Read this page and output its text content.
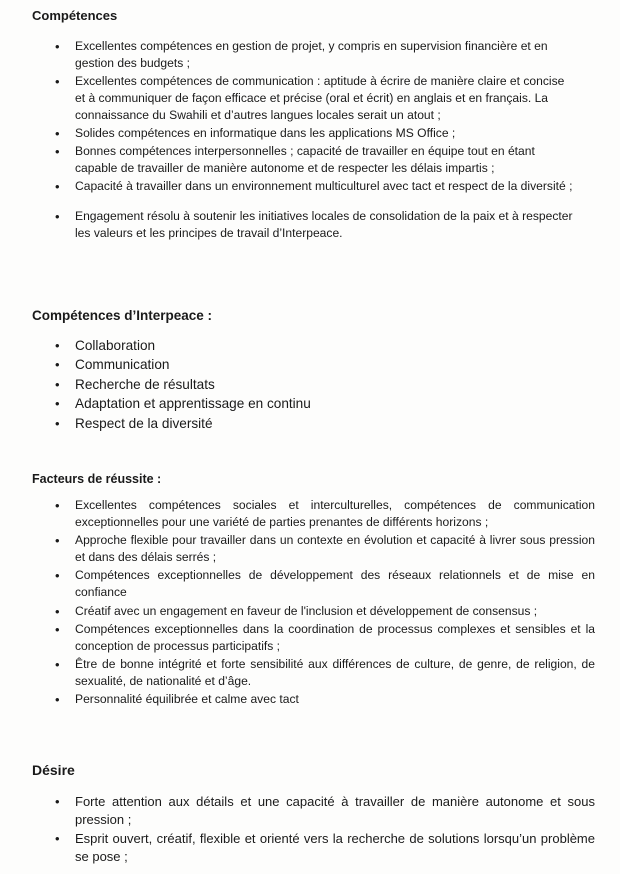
Compétences
• Excellentes compétences en gestion de projet, y compris en supervision financière et en gestion des budgets ;
• Excellentes compétences de communication : aptitude à écrire de manière claire et concise et à communiquer de façon efficace et précise (oral et écrit) en anglais et en français. La connaissance du Swahili et d’autres langues locales serait un atout ;
• Solides compétences en informatique dans les applications MS Office ;
• Bonnes compétences interpersonnelles ; capacité de travailler en équipe tout en étant capable de travailler de manière autonome et de respecter les délais impartis ;
• Capacité à travailler dans un environnement multiculturel avec tact et respect de la diversité ;
• Engagement résolu à soutenir les initiatives locales de consolidation de la paix et à respecter les valeurs et les principes de travail d’Interpeace.
Compétences d’Interpeace :
• Collaboration
• Communication
• Recherche de résultats
• Adaptation et apprentissage en continu
• Respect de la diversité
Facteurs de réussite :
• Excellentes compétences sociales et interculturelles, compétences de communication exceptionnelles pour une variété de parties prenantes de différents horizons ;
• Approche flexible pour travailler dans un contexte en évolution et capacité à livrer sous pression et dans des délais serrés ;
• Compétences exceptionnelles de développement des réseaux relationnels et de mise en confiance
• Créatif avec un engagement en faveur de l'inclusion et développement de consensus ;
• Compétences exceptionnelles dans la coordination de processus complexes et sensibles et la conception de processus participatifs ;
• Être de bonne intégrité et forte sensibilité aux différences de culture, de genre, de religion, de sexualité, de nationalité et d’âge.
• Personnalité équilibrée et calme avec tact
Désire
• Forte attention aux détails et une capacité à travailler de manière autonome et sous pression ;
• Esprit ouvert, créatif, flexible et orienté vers la recherche de solutions lorsqu’un problème se pose ;
